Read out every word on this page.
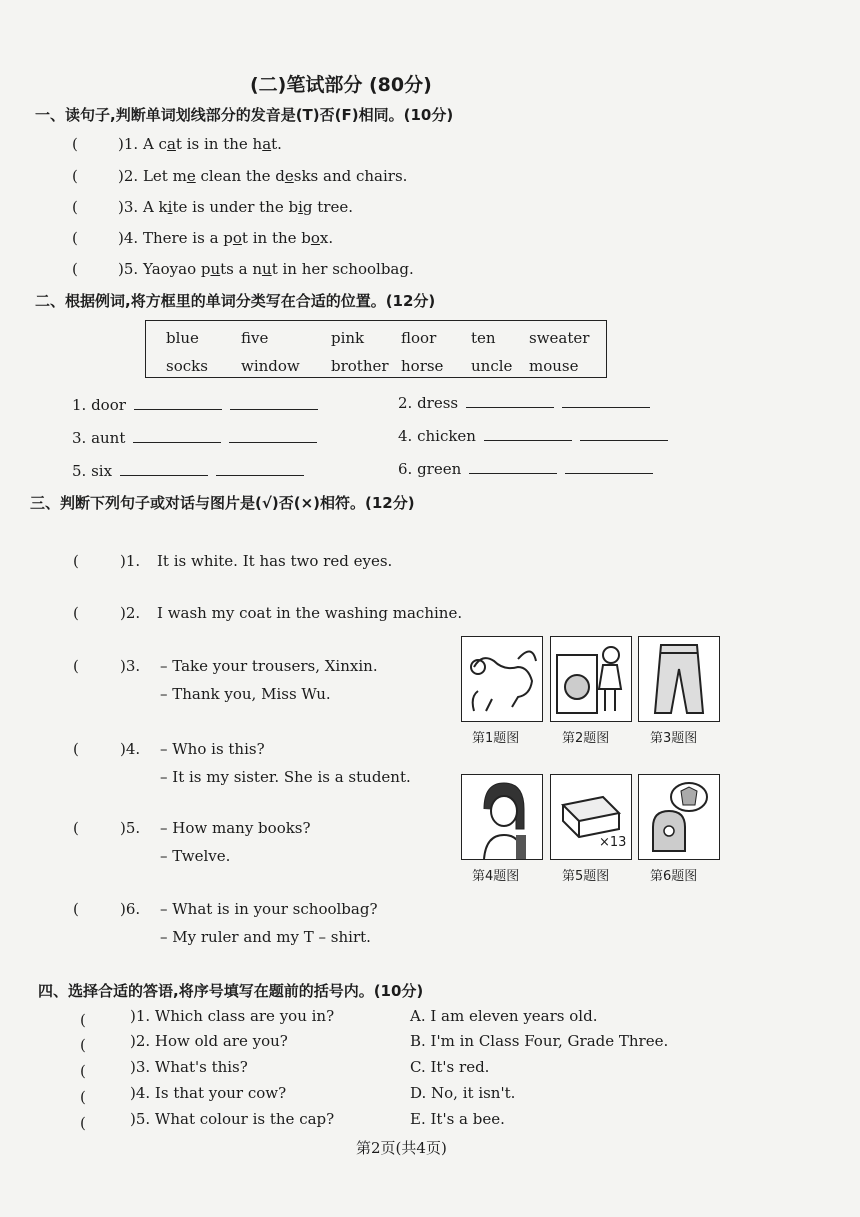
(二)笔试部分 (80分)
一、读句子,判断单词划线部分的发音是(T)否(F)相同。(10分)
(	)1. A cat is in the hat.
(	)2. Let me clean the desks and chairs.
(	)3. A kite is under the big tree.
(	)4. There is a pot in the box.
(	)5. Yaoyao puts a nut in her schoolbag.
二、根据例词,将方框里的单词分类写在合适的位置。(12分)
blue	five	pink floor ten sweater
socks window brother horse uncle mouse
1. door	2. dress
3. aunt	4. chicken
5. six	6. green
三、判断下列句子或对话与图片是(√)否(×)相符。(12分)
(	)1. It is white. It has two red eyes.
(	)2. I wash my coat in the washing machine.
(	)3. – Take your trousers, Xinxin.
– Thank you, Miss Wu.
(	)4. – Who is this?
– It is my sister. She is a student.
(	)5. – How many books?
– Twelve.
(	)6. – What is in your schoolbag?
– My ruler and my T – shirt.
第1题图	第2题图	第3题图
×13
第4题图	第5题图	第6题图
四、选择合适的答语,将序号填写在题前的括号内。(10分)
(	)1. Which class are you in?	A. I am eleven years old.
(	)2. How old are you?	B. I'm in Class Four, Grade Three.
(	)3. What's this?	C. It's red.
(	)4. Is that your cow?	D. No, it isn't.
(	)5. What colour is the cap?	E. It's a bee.
第2页(共4页)
